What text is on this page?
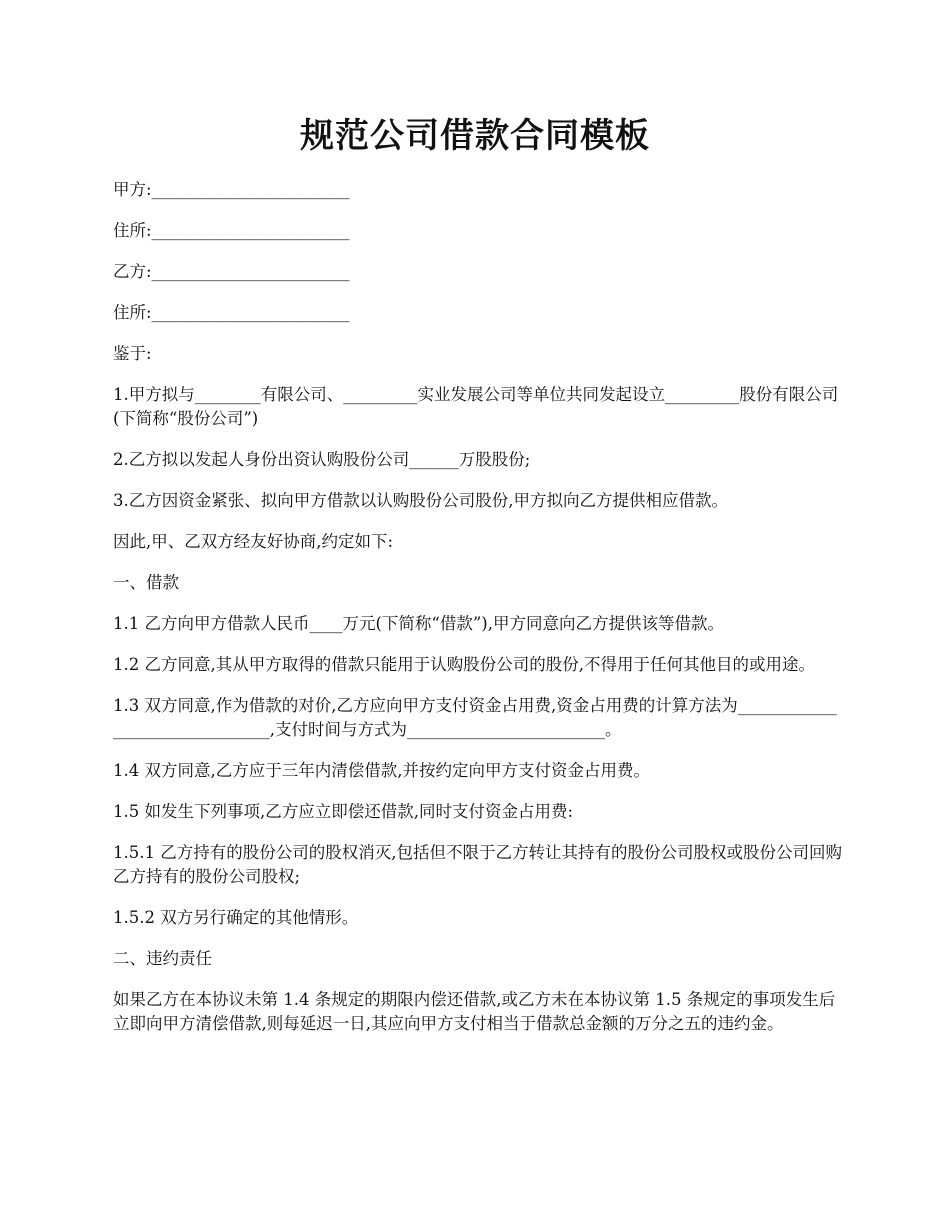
规范公司借款合同模板

甲方:________________________

住所:________________________

乙方:________________________

住所:________________________

鉴于:

1.甲方拟与________有限公司、_________实业发展公司等单位共同发起设立_________股份有限公司(下简称“股份公司”)

2.乙方拟以发起人身份出资认购股份公司______万股股份;

3.乙方因资金紧张、拟向甲方借款以认购股份公司股份,甲方拟向乙方提供相应借款。

因此,甲、乙双方经友好协商,约定如下:

一、借款

1.1 乙方向甲方借款人民币____万元(下简称“借款”),甲方同意向乙方提供该等借款。

1.2 乙方同意,其从甲方取得的借款只能用于认购股份公司的股份,不得用于任何其他目的或用途。

1.3 双方同意,作为借款的对价,乙方应向甲方支付资金占用费,资金占用费的计算方法为_______________________________,支付时间与方式为________________________。

1.4 双方同意,乙方应于三年内清偿借款,并按约定向甲方支付资金占用费。

1.5 如发生下列事项,乙方应立即偿还借款,同时支付资金占用费:

1.5.1 乙方持有的股份公司的股权消灭,包括但不限于乙方转让其持有的股份公司股权或股份公司回购乙方持有的股份公司股权;

1.5.2 双方另行确定的其他情形。

二、违约责任

如果乙方在本协议未第 1.4 条规定的期限内偿还借款,或乙方未在本协议第 1.5 条规定的事项发生后立即向甲方清偿借款,则每延迟一日,其应向甲方支付相当于借款总金额的万分之五的违约金。
